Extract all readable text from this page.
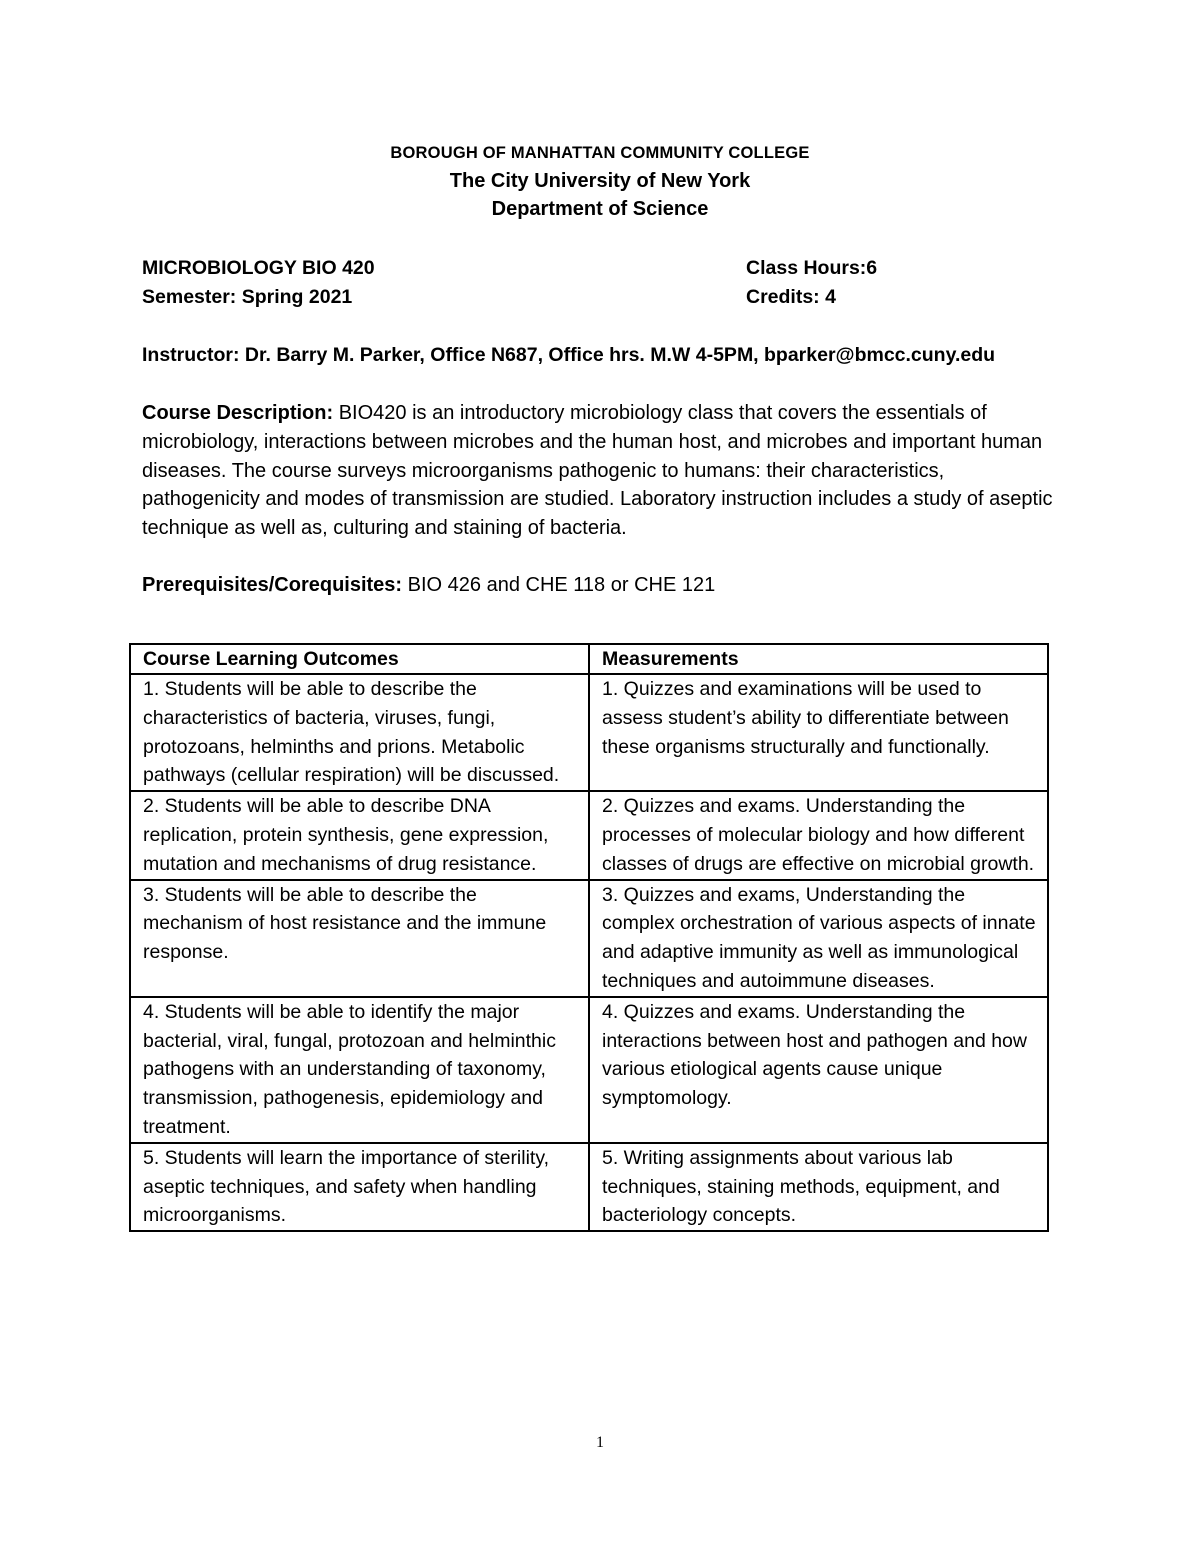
BOROUGH OF MANHATTAN COMMUNITY COLLEGE
The City University of New York
Department of Science
MICROBIOLOGY BIO 420	Class Hours:6
Semester: Spring 2021	Credits: 4
Instructor: Dr. Barry M. Parker, Office N687, Office hrs. M.W 4-5PM, bparker@bmcc.cuny.edu
Course Description: BIO420 is an introductory microbiology class that covers the essentials of microbiology, interactions between microbes and the human host, and microbes and important human diseases. The course surveys microorganisms pathogenic to humans: their characteristics, pathogenicity and modes of transmission are studied. Laboratory instruction includes a study of aseptic technique as well as, culturing and staining of bacteria.
Prerequisites/Corequisites: BIO 426 and CHE 118 or CHE 121
Course Learning Outcomes	Measurements
1. Students will be able to describe the characteristics of bacteria, viruses, fungi, protozoans, helminths and prions. Metabolic pathways (cellular respiration) will be discussed.	1. Quizzes and examinations will be used to assess student’s ability to differentiate between these organisms structurally and functionally.
2. Students will be able to describe DNA replication, protein synthesis, gene expression, mutation and mechanisms of drug resistance.	2. Quizzes and exams. Understanding the processes of molecular biology and how different classes of drugs are effective on microbial growth.
3. Students will be able to describe the mechanism of host resistance and the immune response.	3. Quizzes and exams, Understanding the complex orchestration of various aspects of innate and adaptive immunity as well as immunological techniques and autoimmune diseases.
4. Students will be able to identify the major bacterial, viral, fungal, protozoan and helminthic pathogens with an understanding of taxonomy, transmission, pathogenesis, epidemiology and treatment.	4. Quizzes and exams. Understanding the interactions between host and pathogen and how various etiological agents cause unique symptomology.
5. Students will learn the importance of sterility, aseptic techniques, and safety when handling microorganisms.	5. Writing assignments about various lab techniques, staining methods, equipment, and bacteriology concepts.
1
